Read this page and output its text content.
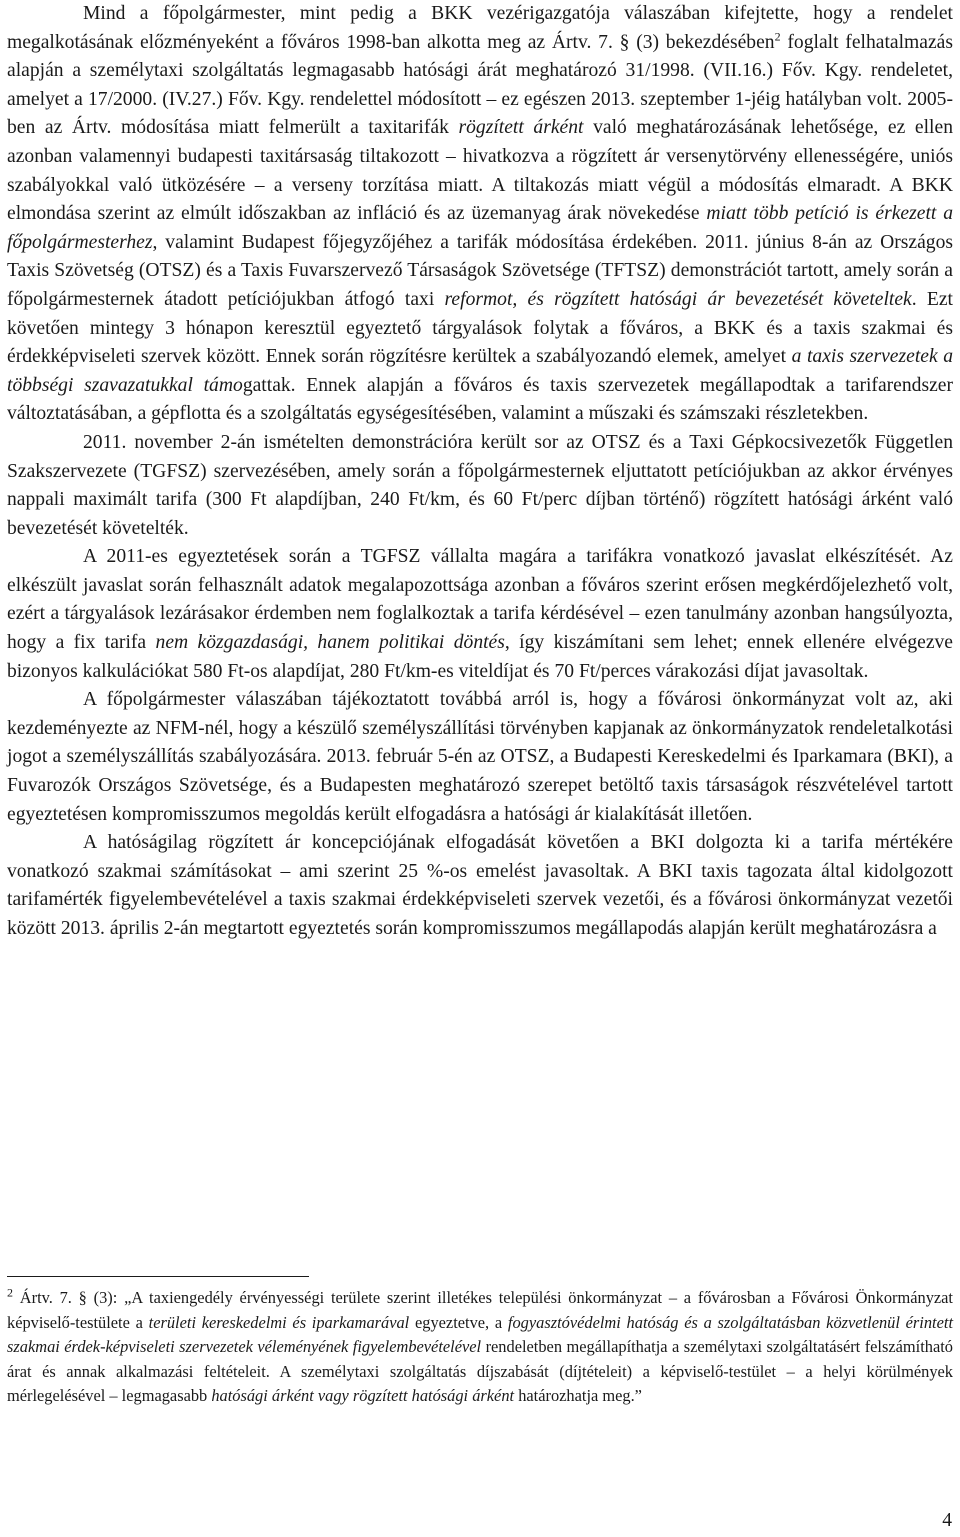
Mind a főpolgármester, mint pedig a BKK vezérigazgatója válaszában kifejtette, hogy a rendelet megalkotásának előzményeként a főváros 1998-ban alkotta meg az Ártv. 7. § (3) bekezdésében$^2$ foglalt felhatalmazás alapján a személytaxi szolgáltatás legmagasabb hatósági árát meghatározó 31/1998. (VII.16.) Főv. Kgy. rendeletet, amelyet a 17/2000. (IV.27.) Főv. Kgy. rendelettel módosított – ez egészen 2013. szeptember 1-jéig hatályban volt. 2005-ben az Ártv. módosítása miatt felmerült a taxitarifák rögzített árként való meghatározásának lehetősége, ez ellen azonban valamennyi budapesti taxitársaság tiltakozott – hivatkozva a rögzített ár versenytörvény ellenességére, uniós szabályokkal való ütközésére – a verseny torzítása miatt. A tiltakozás miatt végül a módosítás elmaradt. A BKK elmondása szerint az elmúlt időszakban az infláció és az üzemanyag árak növekedése miatt több petíció is érkezett a főpolgármesterhez, valamint Budapest főjegyzőjéhez a tarifák módosítása érdekében. 2011. június 8-án az Országos Taxis Szövetség (OTSZ) és a Taxis Fuvarszervező Társaságok Szövetsége (TFTSZ) demonstrációt tartott, amely során a főpolgármesternek átadott petíciójukban átfogó taxi reformot, és rögzített hatósági ár bevezetését követeltek. Ezt követően mintegy 3 hónapon keresztül egyeztető tárgyalások folytak a főváros, a BKK és a taxis szakmai és érdekképviseleti szervek között. Ennek során rögzítésre kerültek a szabályozandó elemek, amelyet a taxis szervezetek a többségi szavazatukkal támogattak. Ennek alapján a főváros és taxis szervezetek megállapodtak a tarifarendszer változtatásában, a gépflotta és a szolgáltatás egységesítésében, valamint a műszaki és számszaki részletekben.

2011. november 2-án ismételten demonstrációra került sor az OTSZ és a Taxi Gépkocsivezetők Független Szakszervezete (TGFSZ) szervezésében, amely során a főpolgármesternek eljuttatott petíciójukban az akkor érvényes nappali maximált tarifa (300 Ft alapdíjban, 240 Ft/km, és 60 Ft/perc díjban történő) rögzített hatósági árként való bevezetését követelték.

A 2011-es egyeztetések során a TGFSZ vállalta magára a tarifákra vonatkozó javaslat elkészítését. Az elkészült javaslat során felhasznált adatok megalapozottsága azonban a főváros szerint erősen megkérdőjelezhető volt, ezért a tárgyalások lezárásakor érdemben nem foglalkoztak a tarifa kérdésével – ezen tanulmány azonban hangsúlyozta, hogy a fix tarifa nem közgazdasági, hanem politikai döntés, így kiszámítani sem lehet; ennek ellenére elvégezve bizonyos kalkulációkat 580 Ft-os alapdíjat, 280 Ft/km-es viteldíjat és 70 Ft/perces várakozási díjat javasoltak.

A főpolgármester válaszában tájékoztatott továbbá arról is, hogy a fővárosi önkormányzat volt az, aki kezdeményezte az NFM-nél, hogy a készülő személyszállítási törvényben kapjanak az önkormányzatok rendeletalkotási jogot a személyszállítás szabályozására. 2013. február 5-én az OTSZ, a Budapesti Kereskedelmi és Iparkamara (BKI), a Fuvarozók Országos Szövetsége, és a Budapesten meghatározó szerepet betöltő taxis társaságok részvételével tartott egyeztetésen kompromisszumos megoldás került elfogadásra a hatósági ár kialakítását illetően.

A hatóságilag rögzített ár koncepciójának elfogadását követően a BKI dolgozta ki a tarifa mértékére vonatkozó szakmai számításokat – ami szerint 25 %-os emelést javasoltak. A BKI taxis tagozata által kidolgozott tarifamérték figyelembevételével a taxis szakmai érdekképviseleti szervek vezetői, és a fővárosi önkormányzat vezetői között 2013. április 2-án megtartott egyeztetés során kompromisszumos megállapodás alapján került meghatározásra a

$^2$ Ártv. 7. § (3): „A taxiengedély érvényességi területe szerint illetékes települési önkormányzat – a fővárosban a Fővárosi Önkormányzat képviselő-testülete a területi kereskedelmi és iparkamarával egyeztetve, a fogyasztóvédelmi hatóság és a szolgáltatásban közvetlenül érintett szakmai érdek-képviseleti szervezetek véleményének figyelembevételével rendeletben megállapíthatja a személytaxi szolgáltatásért felszámítható árat és annak alkalmazási feltételeit. A személytaxi szolgáltatás díjszabását (díjtételeit) a képviselő-testület – a helyi körülmények mérlegelésével – legmagasabb hatósági árként vagy rögzített hatósági árként határozhatja meg.”

4
